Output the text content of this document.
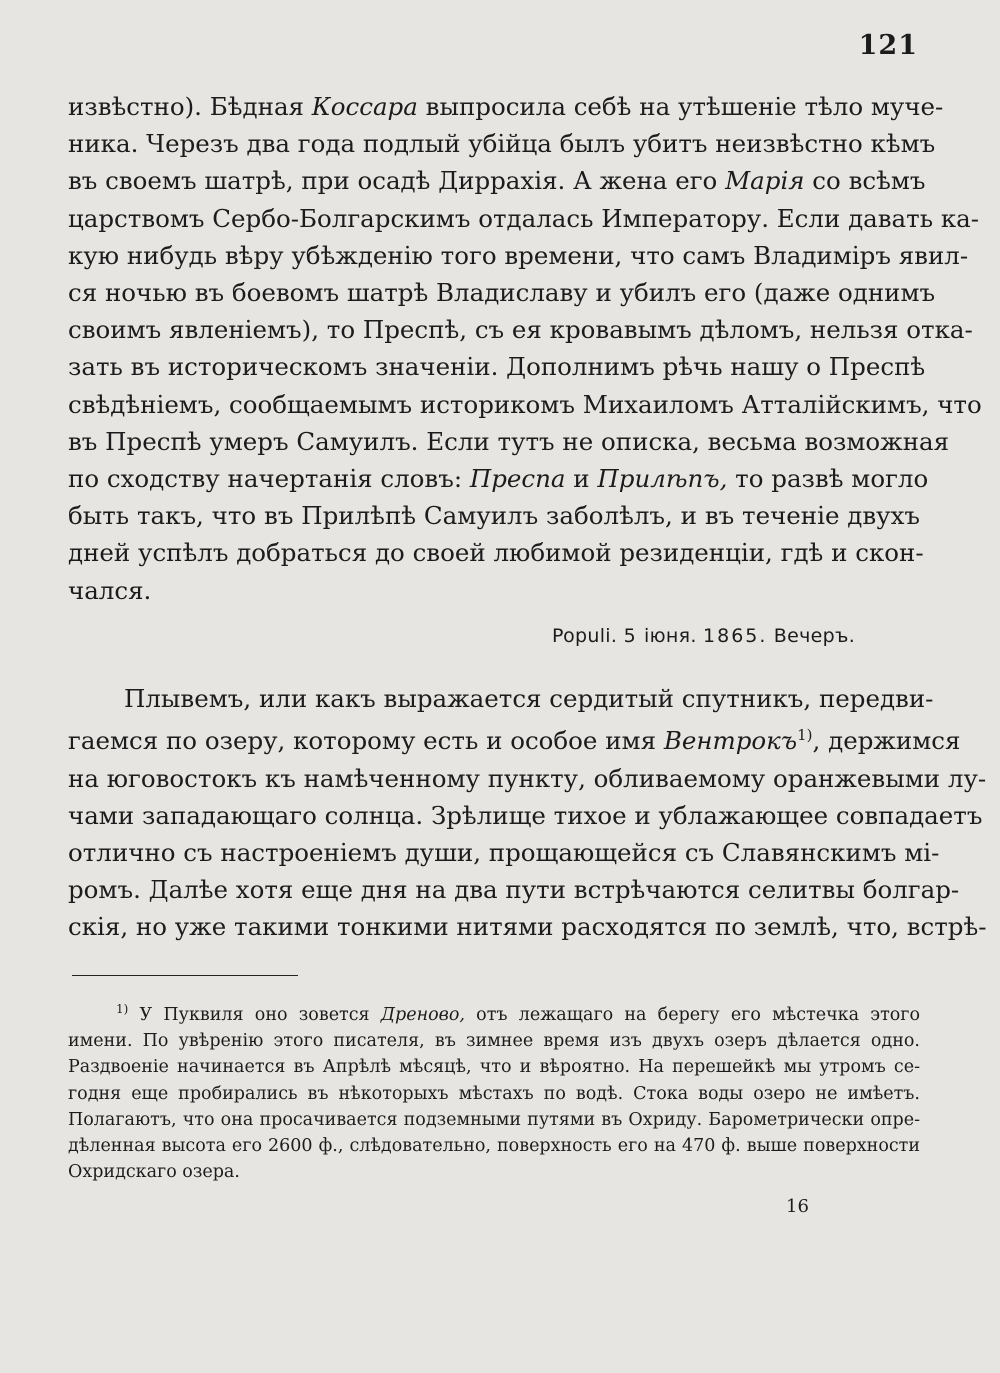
121
извѣстно). Бѣдная Коссара выпросила себѣ на утѣшеніе тѣло муче-
ника. Черезъ два года подлый убійца былъ убитъ неизвѣстно кѣмъ
въ своемъ шатрѣ, при осадѣ Диррахія. А жена его Марія со всѣмъ
царствомъ Сербо-Болгарскимъ отдалась Императору. Если давать ка-
кую нибудь вѣру убѣжденію того времени, что самъ Владиміръ явил-
ся ночью въ боевомъ шатрѣ Владиславу и убилъ его (даже однимъ
своимъ явленіемъ), то Преспѣ, съ ея кровавымъ дѣломъ, нельзя отка-
зать въ историческомъ значеніи. Дополнимъ рѣчь нашу о Преспѣ
свѣдѣніемъ, сообщаемымъ историкомъ Михаиломъ Атталійскимъ, что
въ Преспѣ умеръ Самуилъ. Если тутъ не описка, весьма возможная
по сходству начертанія словъ: Преспа и Прилѣпъ, то развѣ могло
быть такъ, что въ Прилѣпѣ Самуилъ заболѣлъ, и въ теченіе двухъ
дней успѣлъ добраться до своей любимой резиденціи, гдѣ и скон-
чался.
Populi. 5 іюня. 1865. Вечеръ.
Плывемъ, или какъ выражается сердитый спутникъ, передви-
гаемся по озеру, которому есть и особое имя Вентрокъ$^{1)}$, держимся
на юговостокъ къ намѣченному пункту, обливаемому оранжевыми лу-
чами западающаго солнца. Зрѣлище тихое и ублажающее совпадаетъ
отлично съ настроеніемъ души, прощающейся съ Славянскимъ мі-
ромъ. Далѣе хотя еще дня на два пути встрѣчаются селитвы болгар-
скія, но уже такими тонкими нитями расходятся по землѣ, что, встрѣ-
$^{1)}$ У Пуквиля оно зовется Дреново, отъ лежащаго на берегу его мѣстечка этого
имени. По увѣренію этого писателя, въ зимнее время изъ двухъ озеръ дѣлается одно.
Раздвоеніе начинается въ Апрѣлѣ мѣсяцѣ, что и вѣроятно. На перешейкѣ мы утромъ се-
годня еще пробирались въ нѣкоторыхъ мѣстахъ по водѣ. Стока воды озеро не имѣетъ.
Полагаютъ, что она просачивается подземными путями въ Охриду. Барометрически опре-
дѣленная высота его 2600 ф., слѣдовательно, поверхность его на 470 ф. выше поверхности
Охридскаго озера.
16
